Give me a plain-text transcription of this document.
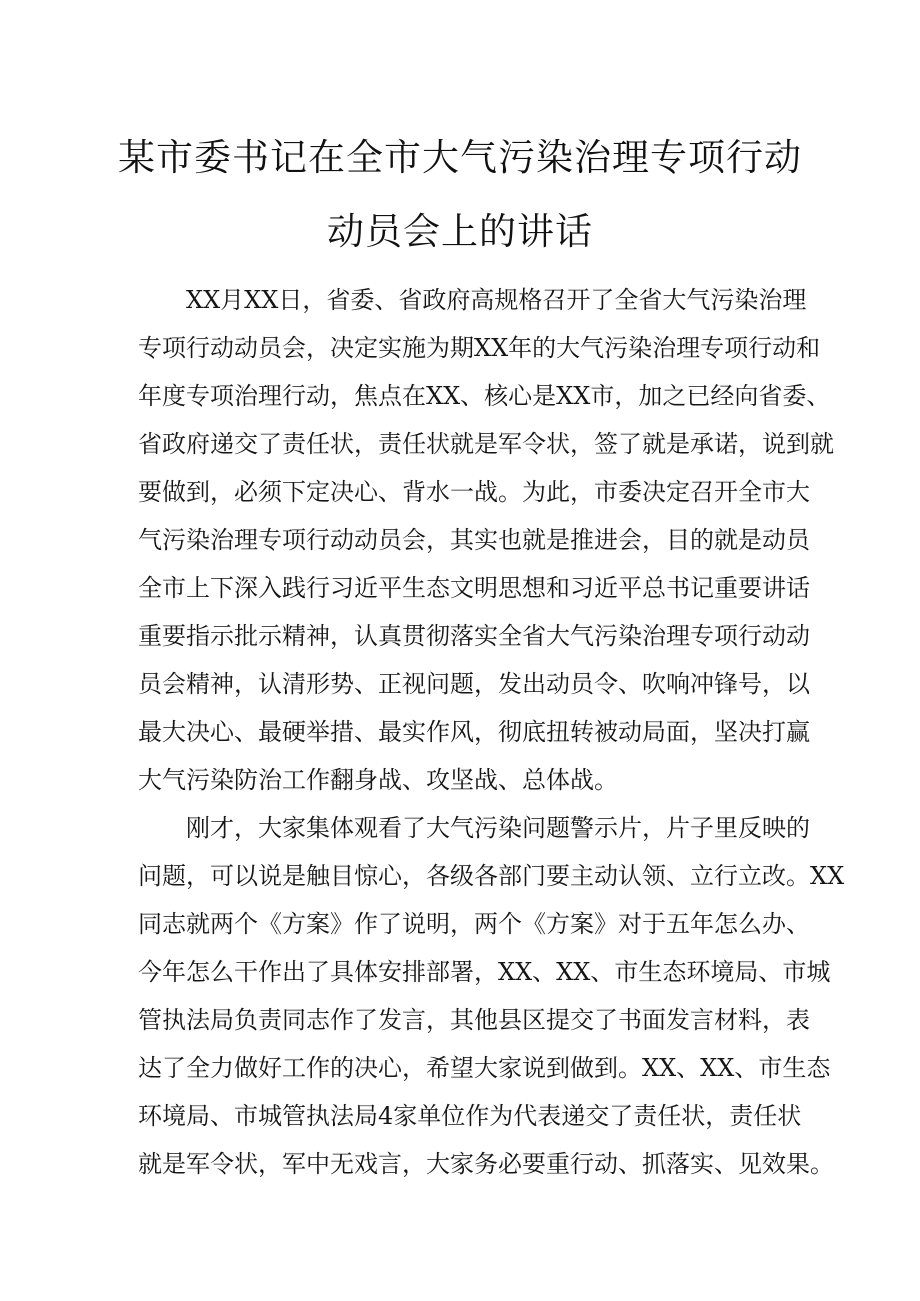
某市委书记在全市大气污染治理专项行动
动员会上的讲话
XX月XX日，省委、省政府高规格召开了全省大气污染治理
专项行动动员会，决定实施为期XX年的大气污染治理专项行动和
年度专项治理行动，焦点在XX、核心是XX市，加之已经向省委、
省政府递交了责任状，责任状就是军令状，签了就是承诺，说到就
要做到，必须下定决心、背水一战。为此，市委决定召开全市大
气污染治理专项行动动员会，其实也就是推进会，目的就是动员
全市上下深入践行习近平生态文明思想和习近平总书记重要讲话
重要指示批示精神，认真贯彻落实全省大气污染治理专项行动动
员会精神，认清形势、正视问题，发出动员令、吹响冲锋号，以
最大决心、最硬举措、最实作风，彻底扭转被动局面，坚决打赢
大气污染防治工作翻身战、攻坚战、总体战。
刚才，大家集体观看了大气污染问题警示片，片子里反映的
问题，可以说是触目惊心，各级各部门要主动认领、立行立改。XX
同志就两个《方案》作了说明，两个《方案》对于五年怎么办、
今年怎么干作出了具体安排部署，XX、XX、市生态环境局、市城
管执法局负责同志作了发言，其他县区提交了书面发言材料，表
达了全力做好工作的决心，希望大家说到做到。XX、XX、市生态
环境局、市城管执法局4家单位作为代表递交了责任状，责任状
就是军令状，军中无戏言，大家务必要重行动、抓落实、见效果。
